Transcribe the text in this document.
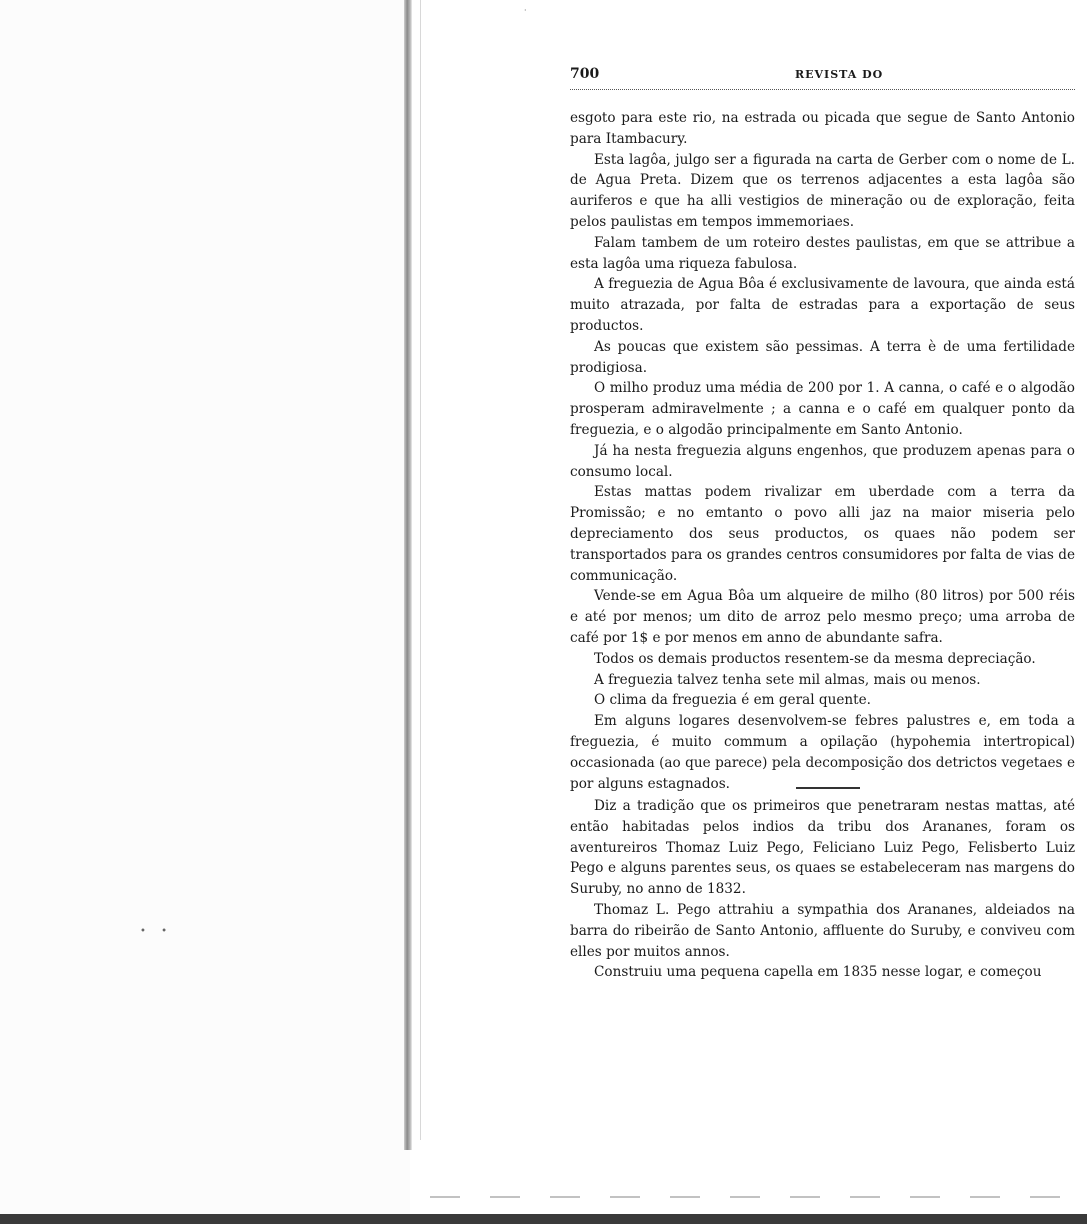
·
• •
700	REVISTA DO

esgoto para este rio, na estrada ou picada que segue de Santo Antonio para Itambacury.

Esta lagôa, julgo ser a figurada na carta de Gerber com o nome de L. de Agua Preta. Dizem que os terrenos adjacentes a esta lagôa são auriferos e que ha alli vestigios de mineração ou de exploração, feita pelos paulistas em tempos immemoriaes.

Falam tambem de um roteiro destes paulistas, em que se attribue a esta lagôa uma riqueza fabulosa.

A freguezia de Agua Bôa é exclusivamente de lavoura, que ainda está muito atrazada, por falta de estradas para a exportação de seus productos.

As poucas que existem são pessimas. A terra è de uma fertilidade prodigiosa.

O milho produz uma média de 200 por 1. A canna, o café e o algodão prosperam admiravelmente ; a canna e o café em qualquer ponto da freguezia, e o algodão principalmente em Santo Antonio.

Já ha nesta freguezia alguns engenhos, que produzem apenas para o consumo local.

Estas mattas podem rivalizar em uberdade com a terra da Promissão; e no emtanto o povo alli jaz na maior miseria pelo depreciamento dos seus productos, os quaes não podem ser transportados para os grandes centros consumidores por falta de vias de communicação.

Vende-se em Agua Bôa um alqueire de milho (80 litros) por 500 réis e até por menos; um dito de arroz pelo mesmo preço; uma arroba de café por 1$ e por menos em anno de abundante safra.

Todos os demais productos resentem-se da mesma depreciação.

A freguezia talvez tenha sete mil almas, mais ou menos.

O clima da freguezia é em geral quente.

Em alguns logares desenvolvem-se febres palustres e, em toda a freguezia, é muito commum a opilação (hypohemia intertropical) occasionada (ao que parece) pela decomposição dos detrictos vegetaes e por alguns estagnados.

Diz a tradição que os primeiros que penetraram nestas mattas, até então habitadas pelos indios da tribu dos Arananes, foram os aventureiros Thomaz Luiz Pego, Feliciano Luiz Pego, Felisberto Luiz Pego e alguns parentes seus, os quaes se estabeleceram nas margens do Suruby, no anno de 1832.

Thomaz L. Pego attrahiu a sympathia dos Arananes, aldeiados na barra do ribeirão de Santo Antonio, affluente do Suruby, e conviveu com elles por muitos annos.

Construiu uma pequena capella em 1835 nesse logar, e começou
